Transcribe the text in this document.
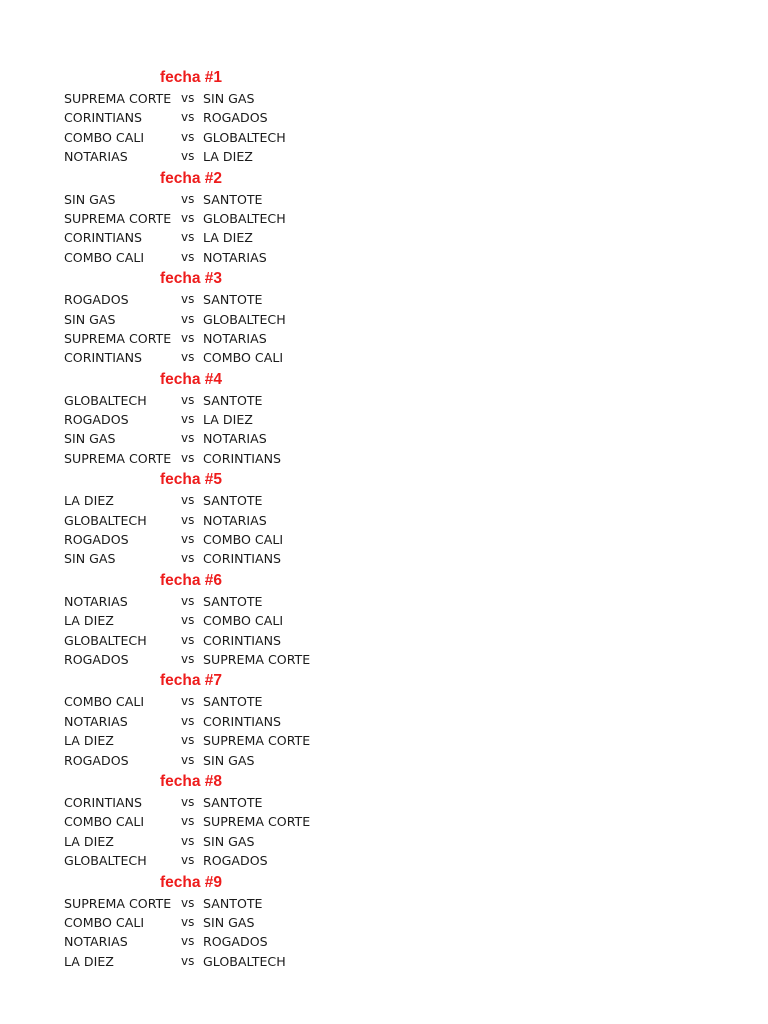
fecha #1
SUPREMA CORTE vs SIN GAS
CORINTIANS	vs ROGADOS
COMBO CALI	vs GLOBALTECH
NOTARIAS	vs LA DIEZ
fecha #2
SIN GAS	vs SANTOTE
SUPREMA CORTE vs GLOBALTECH
CORINTIANS	vs LA DIEZ
COMBO CALI	vs NOTARIAS
fecha #3
ROGADOS	vs SANTOTE
SIN GAS	vs GLOBALTECH
SUPREMA CORTE vs NOTARIAS
CORINTIANS	vs COMBO CALI
fecha #4
GLOBALTECH	vs SANTOTE
ROGADOS	vs LA DIEZ
SIN GAS	vs NOTARIAS
SUPREMA CORTE vs CORINTIANS
fecha #5
LA DIEZ	vs SANTOTE
GLOBALTECH	vs NOTARIAS
ROGADOS	vs COMBO CALI
SIN GAS	vs CORINTIANS
fecha #6
NOTARIAS	vs SANTOTE
LA DIEZ	vs COMBO CALI
GLOBALTECH	vs CORINTIANS
ROGADOS	vs SUPREMA CORTE
fecha #7
COMBO CALI	vs SANTOTE
NOTARIAS	vs CORINTIANS
LA DIEZ	vs SUPREMA CORTE
ROGADOS	vs SIN GAS
fecha #8
CORINTIANS	vs SANTOTE
COMBO CALI	vs SUPREMA CORTE
LA DIEZ	vs SIN GAS
GLOBALTECH	vs ROGADOS
fecha #9
SUPREMA CORTE vs SANTOTE
COMBO CALI	vs SIN GAS
NOTARIAS	vs ROGADOS
LA DIEZ	vs GLOBALTECH
